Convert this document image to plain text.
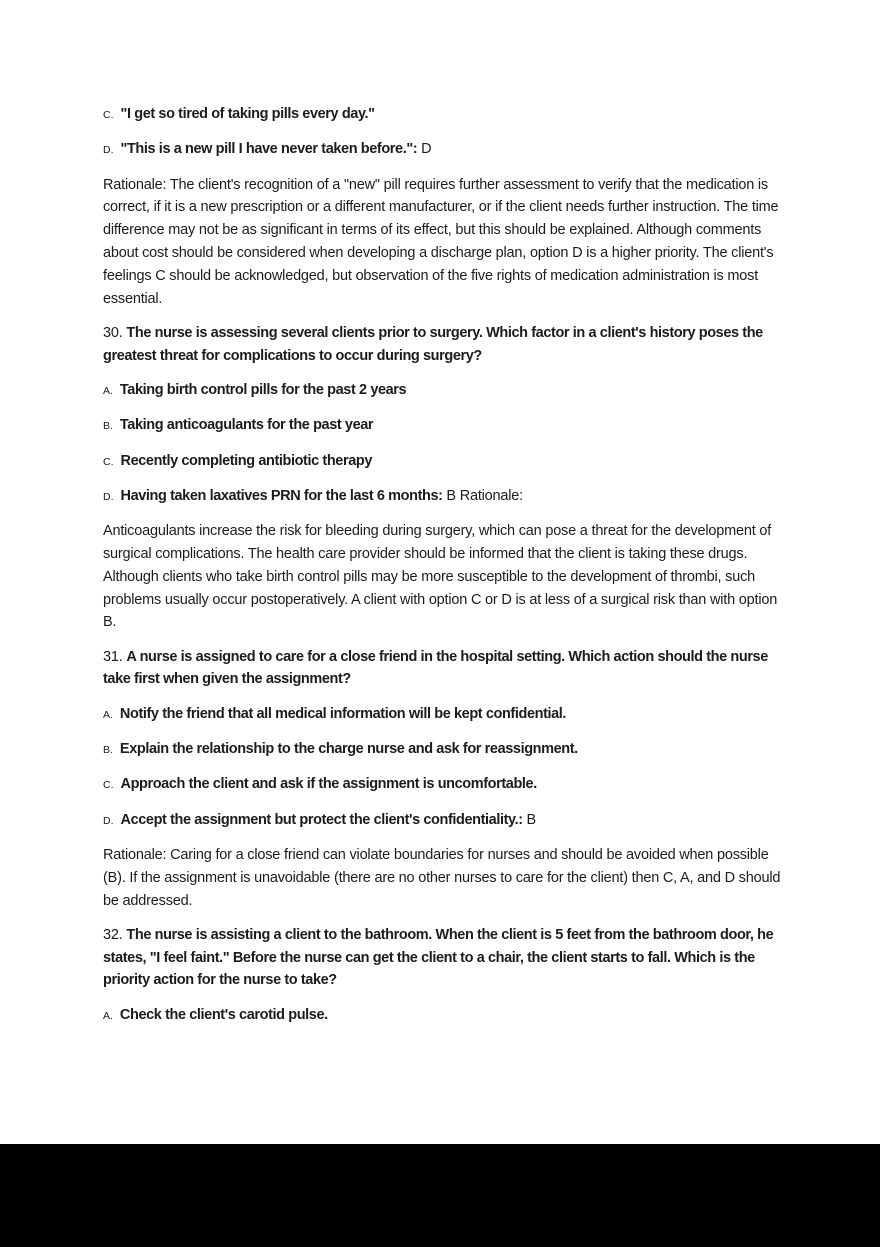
C. "I get so tired of taking pills every day."

D. "This is a new pill I have never taken before.": D

Rationale: The client's recognition of a "new" pill requires further assessment to verify that the medication is correct, if it is a new prescription or a different manufacturer, or if the client needs further instruction. The time difference may not be as significant in terms of its effect, but this should be explained. Although comments about cost should be considered when developing a discharge plan, option D is a higher priority. The client's feelings C should be acknowledged, but observation of the five rights of medication administration is most essential.

30. The nurse is assessing several clients prior to surgery. Which factor in a client's history poses the greatest threat for complications to occur during surgery?

A. Taking birth control pills for the past 2 years

B. Taking anticoagulants for the past year

C. Recently completing antibiotic therapy

D. Having taken laxatives PRN for the last 6 months: B Rationale:

Anticoagulants increase the risk for bleeding during surgery, which can pose a threat for the development of surgical complications. The health care provider should be informed that the client is taking these drugs. Although clients who take birth control pills may be more susceptible to the development of thrombi, such problems usually occur postoperatively. A client with option C or D is at less of a surgical risk than with option B.

31. A nurse is assigned to care for a close friend in the hospital setting. Which action should the nurse take first when given the assignment?

A. Notify the friend that all medical information will be kept confidential.

B. Explain the relationship to the charge nurse and ask for reassignment.

C. Approach the client and ask if the assignment is uncomfortable.

D. Accept the assignment but protect the client's confidentiality.: B

Rationale: Caring for a close friend can violate boundaries for nurses and should be avoided when possible (B). If the assignment is unavoidable (there are no other nurses to care for the client) then C, A, and D should be addressed.

32. The nurse is assisting a client to the bathroom. When the client is 5 feet from the bathroom door, he states, "I feel faint." Before the nurse can get the client to a chair, the client starts to fall. Which is the priority action for the nurse to take?

A. Check the client's carotid pulse.
